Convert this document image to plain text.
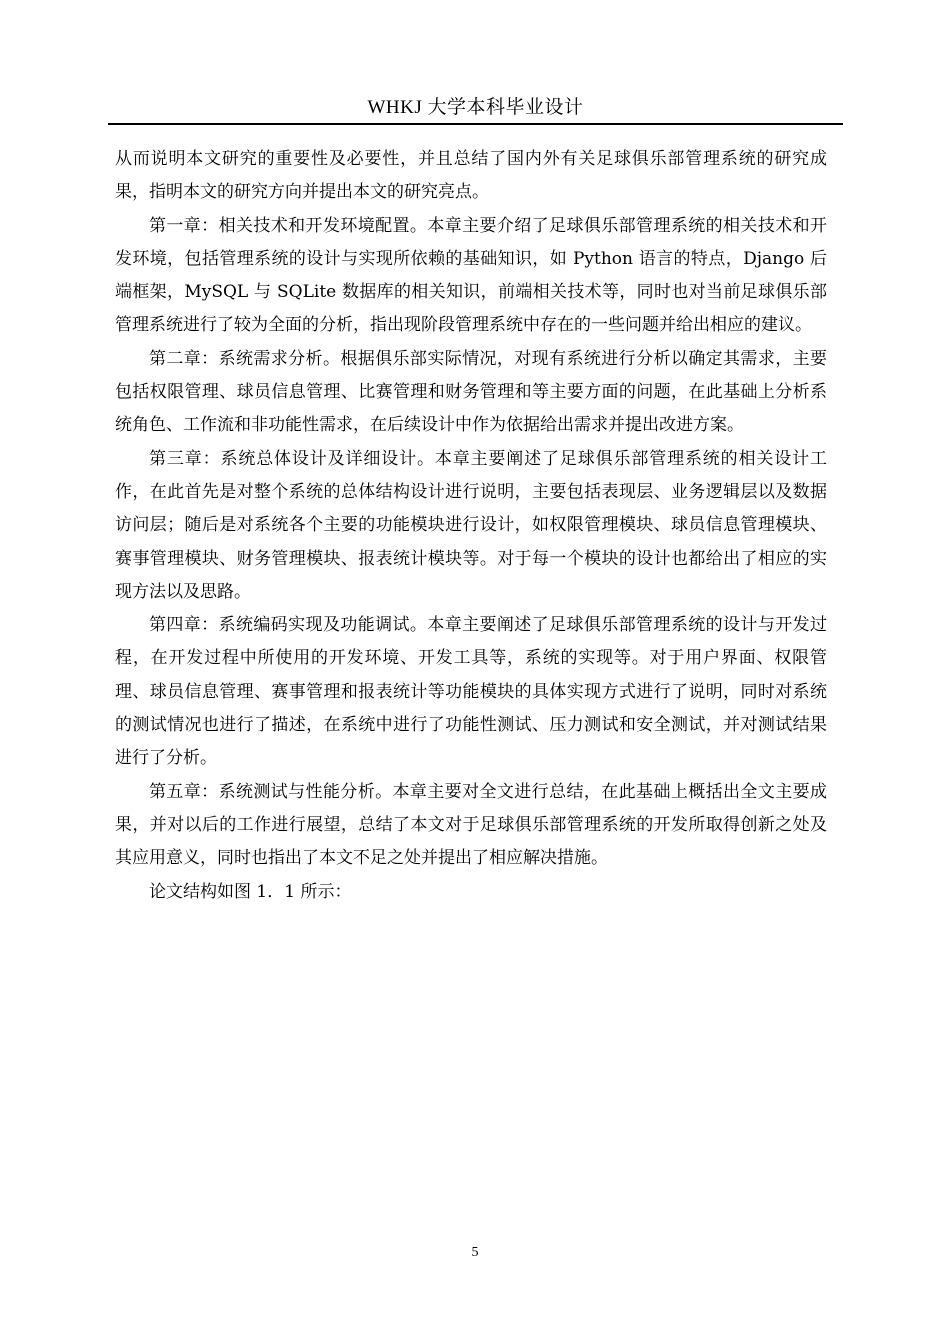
WHKJ 大学本科毕业设计

从而说明本文研究的重要性及必要性，并且总结了国内外有关足球俱乐部管理系统的研究成果，指明本文的研究方向并提出本文的研究亮点。

第一章：相关技术和开发环境配置。本章主要介绍了足球俱乐部管理系统的相关技术和开发环境，包括管理系统的设计与实现所依赖的基础知识，如 Python 语言的特点，Django 后端框架，MySQL 与 SQLite 数据库的相关知识，前端相关技术等，同时也对当前足球俱乐部管理系统进行了较为全面的分析，指出现阶段管理系统中存在的一些问题并给出相应的建议。

第二章：系统需求分析。根据俱乐部实际情况，对现有系统进行分析以确定其需求，主要包括权限管理、球员信息管理、比赛管理和财务管理和等主要方面的问题，在此基础上分析系统角色、工作流和非功能性需求，在后续设计中作为依据给出需求并提出改进方案。

第三章：系统总体设计及详细设计。本章主要阐述了足球俱乐部管理系统的相关设计工作，在此首先是对整个系统的总体结构设计进行说明，主要包括表现层、业务逻辑层以及数据访问层；随后是对系统各个主要的功能模块进行设计，如权限管理模块、球员信息管理模块、赛事管理模块、财务管理模块、报表统计模块等。对于每一个模块的设计也都给出了相应的实现方法以及思路。

第四章：系统编码实现及功能调试。本章主要阐述了足球俱乐部管理系统的设计与开发过程，在开发过程中所使用的开发环境、开发工具等，系统的实现等。对于用户界面、权限管理、球员信息管理、赛事管理和报表统计等功能模块的具体实现方式进行了说明，同时对系统的测试情况也进行了描述，在系统中进行了功能性测试、压力测试和安全测试，并对测试结果进行了分析。

第五章：系统测试与性能分析。本章主要对全文进行总结，在此基础上概括出全文主要成果，并对以后的工作进行展望，总结了本文对于足球俱乐部管理系统的开发所取得创新之处及其应用意义，同时也指出了本文不足之处并提出了相应解决措施。

论文结构如图 1．1 所示：

5
